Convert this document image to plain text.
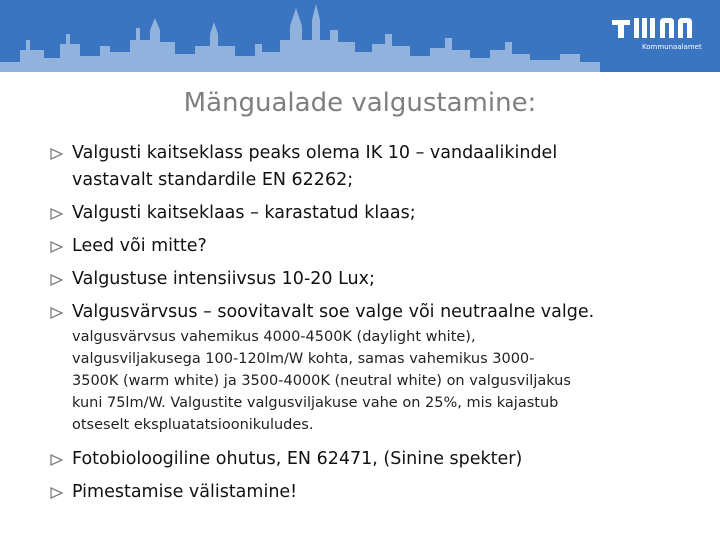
Kommunaalamet
Mängualade valgustamine:
Valgusti kaitseklass peaks olema IK 10 – vandaalikindel
vastavalt standardile EN 62262;
Valgusti kaitseklaas – karastatud klaas;
Leed või mitte?
Valgustuse intensiivsus 10-20 Lux;
Valgusvärvsus – soovitavalt soe valge või neutraalne valge.
valgusvärvsus vahemikus 4000-4500K (daylight white),
valgusviljakusega 100-120lm/W kohta, samas vahemikus 3000-
3500K (warm white) ja 3500-4000K (neutral white) on valgusviljakus
kuni 75lm/W. Valgustite valgusviljakuse vahe on 25%, mis kajastub
otseselt ekspluatatsioonikuludes.
Fotobioloogiline ohutus, EN 62471, (Sinine spekter)
Pimestamise välistamine!
